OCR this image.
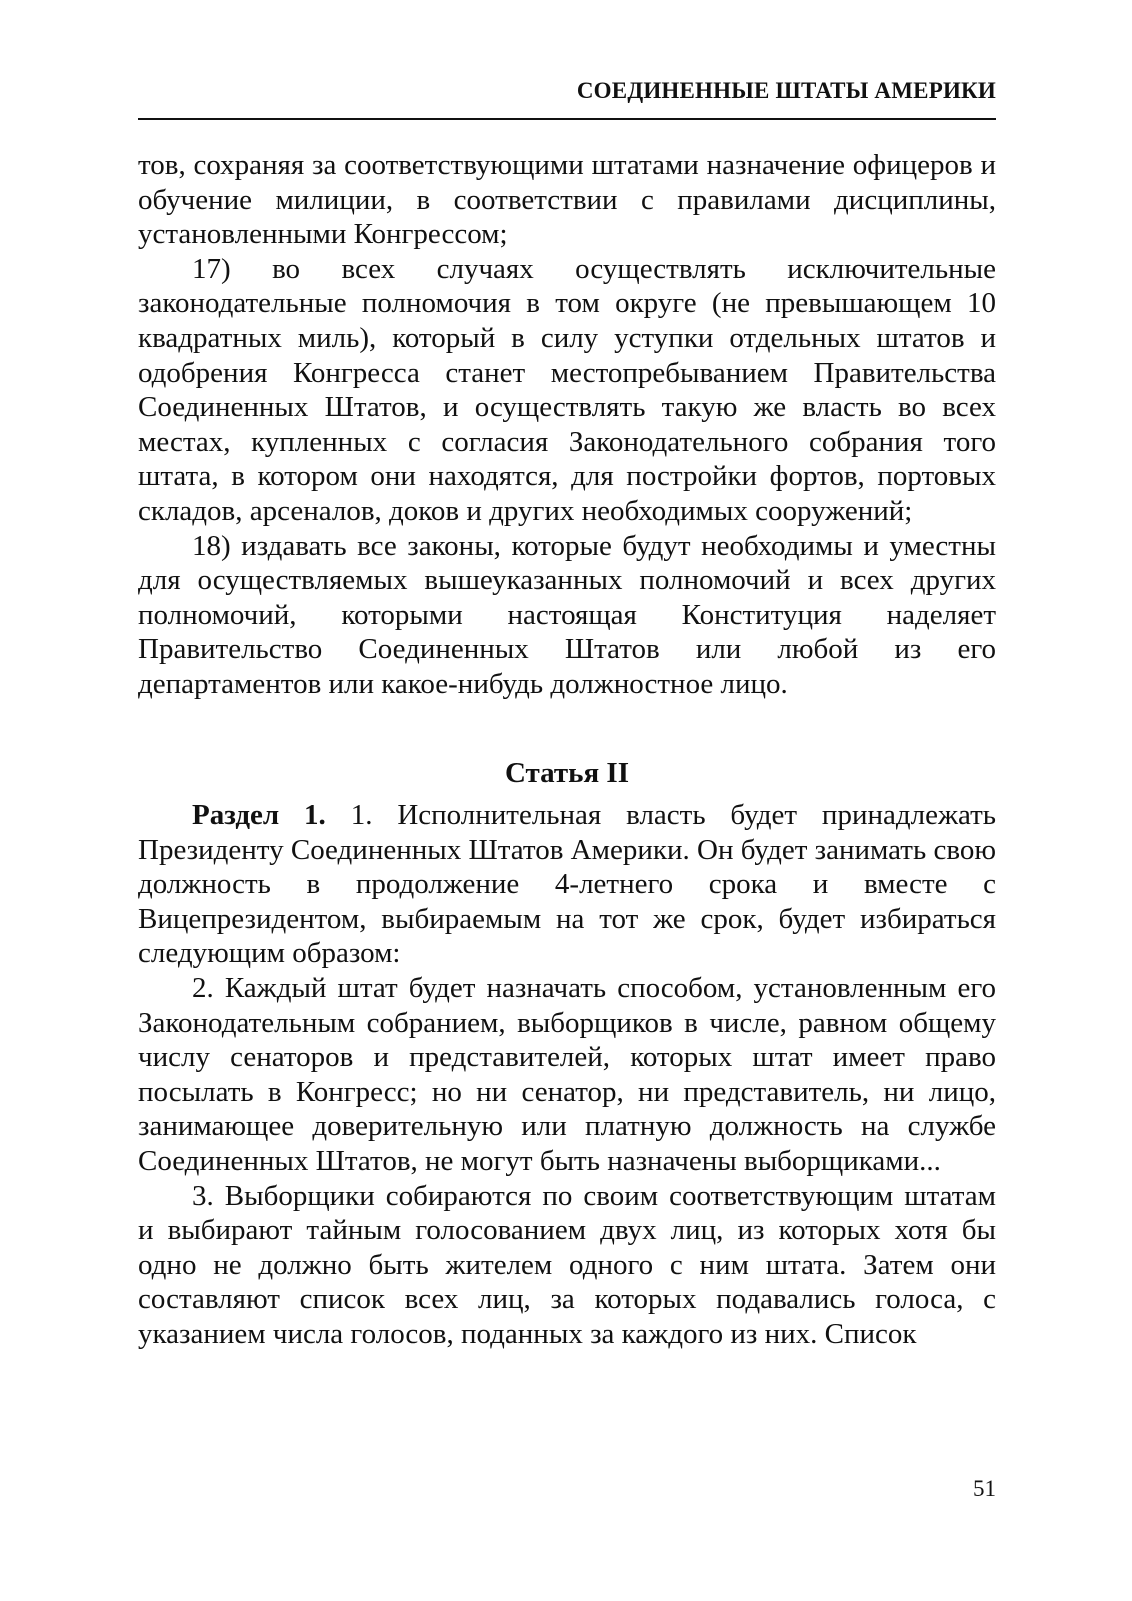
СОЕДИНЕННЫЕ ШТАТЫ АМЕРИКИ

тов, сохраняя за соответствующими штатами назначение офицеров и обучение милиции, в соответствии с правилами дисциплины, установленными Конгрессом;

17) во всех случаях осуществлять исключительные законодательные полномочия в том округе (не превышающем 10 квадратных миль), который в силу уступки отдельных штатов и одобрения Конгресса станет местопребыванием Правительства Соединенных Штатов, и осуществлять такую же власть во всех местах, купленных с согласия Законодательного собрания того штата, в котором они находятся, для постройки фортов, портовых складов, арсеналов, доков и других необходимых сооружений;

18) издавать все законы, которые будут необходимы и уместны для осуществляемых вышеуказанных полномочий и всех других полномочий, которыми настоящая Конституция наделяет Правительство Соединенных Штатов или любой из его департаментов или какое-нибудь должностное лицо.

Статья II

Раздел 1. 1. Исполнительная власть будет принадлежать Президенту Соединенных Штатов Америки. Он будет занимать свою должность в продолжение 4-летнего срока и вместе с Вицепрезидентом, выбираемым на тот же срок, будет избираться следующим образом:

2. Каждый штат будет назначать способом, установленным его Законодательным собранием, выборщиков в числе, равном общему числу сенаторов и представителей, которых штат имеет право посылать в Конгресс; но ни сенатор, ни представитель, ни лицо, занимающее доверительную или платную должность на службе Соединенных Штатов, не могут быть назначены выборщиками...

3. Выборщики собираются по своим соответствующим штатам и выбирают тайным голосованием двух лиц, из которых хотя бы одно не должно быть жителем одного с ним штата. Затем они составляют список всех лиц, за которых подавались голоса, с указанием числа голосов, поданных за каждого из них. Список

51
